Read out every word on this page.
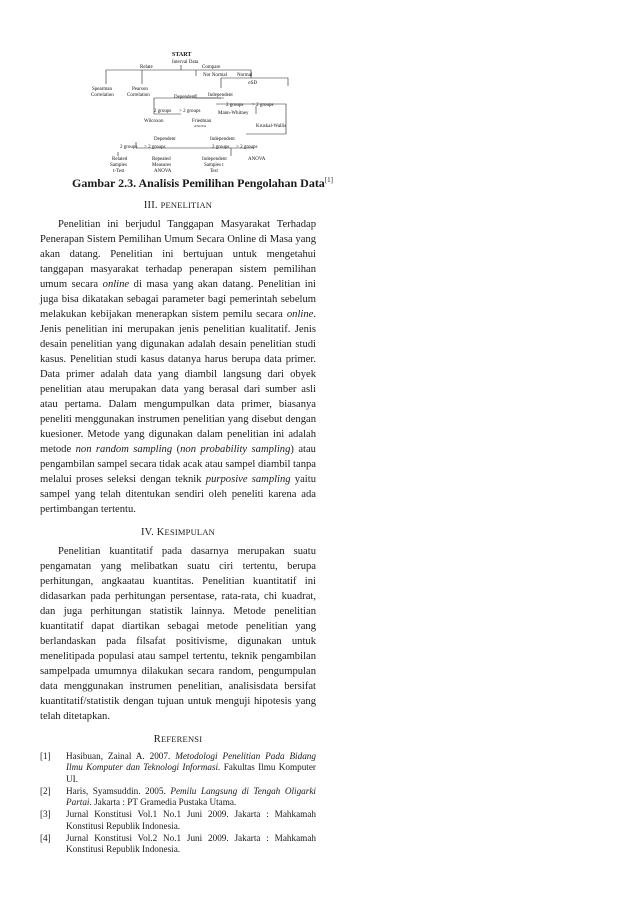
START
Interval Data
Relate	Compare
Not Normal Normal
σSD
Spearman
Correlation
Pearson
Correlation	Dependent Independent
2 groups > 2 groups
2 groups > 2 groups	Mann-Whitney
Wilcoxon	Friedman
ANOVA	Kruskal-Wallis
Dependent	Independent
2 groups > 2 groups	2 groups > 2 groups
Related
Samples
t-Test
Repeated
Measures
ANOVA
Independent
Samples t
Test
ANOVA
Gambar 2.3. Analisis Pemilihan Pengolahan Data[1]
III. PENELITIAN

Penelitian ini berjudul Tanggapan Masyarakat Terhadap Penerapan Sistem Pemilihan Umum Secara Online di Masa yang akan datang. Penelitian ini bertujuan untuk mengetahui tanggapan masyarakat terhadap penerapan sistem pemilihan umum secara online di masa yang akan datang. Penelitian ini juga bisa dikatakan sebagai parameter bagi pemerintah sebelum melakukan kebijakan menerapkan sistem pemilu secara online. Jenis penelitian ini merupakan jenis penelitian kualitatif. Jenis desain penelitian yang digunakan adalah desain penelitian studi kasus. Penelitian studi kasus datanya harus berupa data primer. Data primer adalah data yang diambil langsung dari obyek penelitian atau merupakan data yang berasal dari sumber asli atau pertama. Dalam mengumpulkan data primer, biasanya peneliti menggunakan instrumen penelitian yang disebut dengan kuesioner. Metode yang digunakan dalam penelitian ini adalah metode non random sampling (non probability sampling) atau pengambilan sampel secara tidak acak atau sampel diambil tanpa melalui proses seleksi dengan teknik purposive sampling yaitu sampel yang telah ditentukan sendiri oleh peneliti karena ada pertimbangan tertentu.

IV. KESIMPULAN

Penelitian kuantitatif pada dasarnya merupakan suatu pengamatan yang melibatkan suatu ciri tertentu, berupa perhitungan, angkaatau kuantitas. Penelitian kuantitatif ini didasarkan pada perhitungan persentase, rata-rata, chi kuadrat, dan juga perhitungan statistik lainnya. Metode penelitian kuantitatif dapat diartikan sebagai metode penelitian yang berlandaskan pada filsafat positivisme, digunakan untuk menelitipada populasi atau sampel tertentu, teknik pengambilan sampelpada umumnya dilakukan secara random, pengumpulan data menggunakan instrumen penelitian, analisisdata bersifat kuantitatif/statistik dengan tujuan untuk menguji hipotesis yang telah ditetapkan.

REFERENSI
[1] Hasibuan, Zainal A. 2007. Metodologi Penelitian Pada Bidang Ilmu Komputer dan Teknologi Informasi. Fakultas Ilmu Komputer UI.
[2] Haris, Syamsuddin. 2005. Pemilu Langsung di Tengah Oligarki Partai. Jakarta : PT Gramedia Pustaka Utama.
[3] Jurnal Konstitusi Vol.1 No.1 Juni 2009. Jakarta : Mahkamah Konstitusi Republik Indonesia.
[4] Jurnal Konstitusi Vol.2 No.1 Juni 2009. Jakarta : Mahkamah Konstitusi Republik Indonesia.
